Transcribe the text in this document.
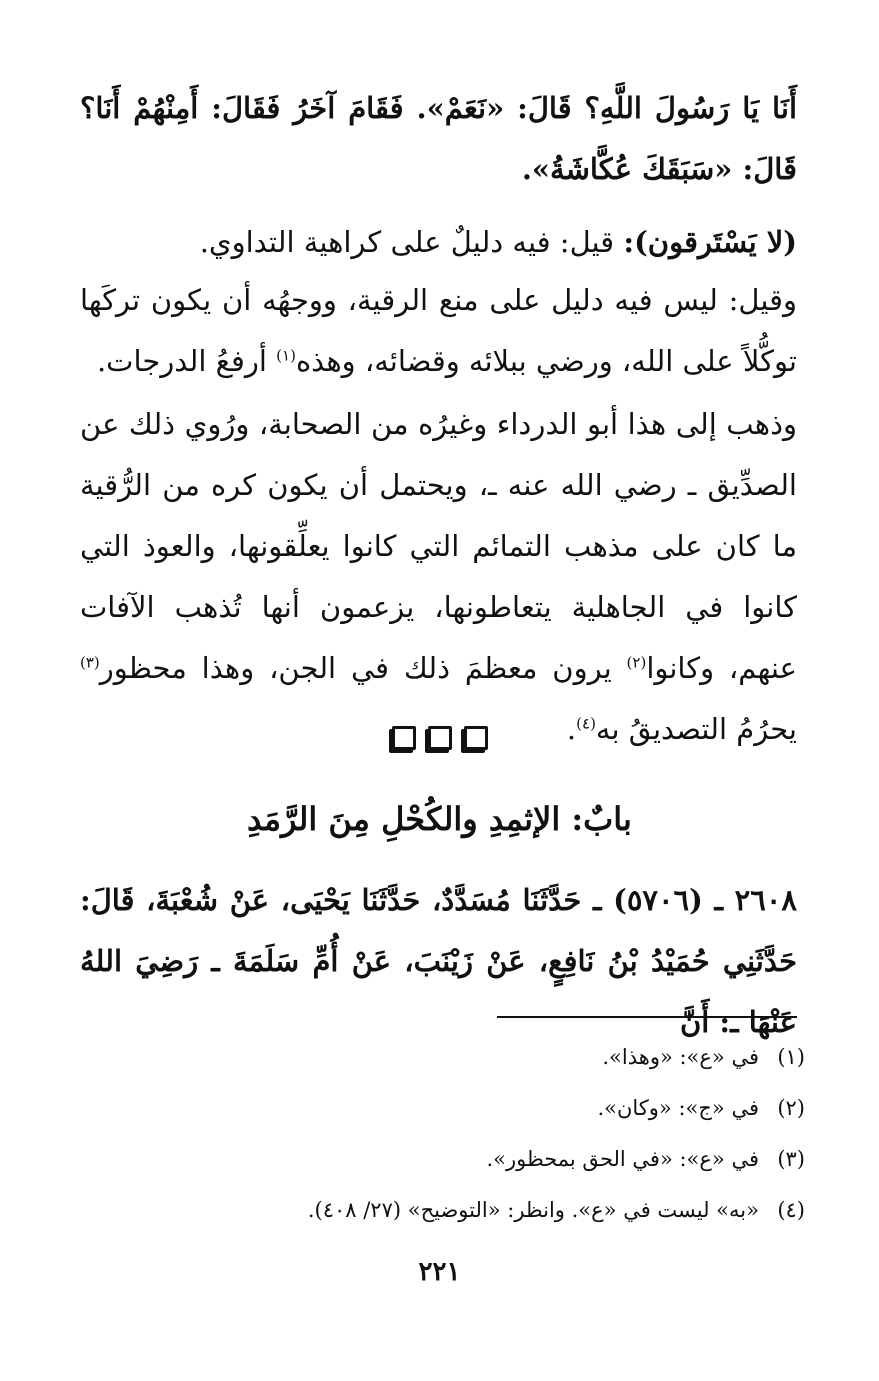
أَنَا يَا رَسُولَ اللَّهِ؟ قَالَ: «نَعَمْ». فَقَامَ آخَرُ فَقَالَ: أَمِنْهُمْ أَنَا؟ قَالَ: «سَبَقَكَ عُكَّاشَةُ».

(لا يَسْتَرقون): قيل: فيه دليلٌ على كراهية التداوي.

وقيل: ليس فيه دليل على منع الرقية، ووجهُه أن يكون تركَها توكُّلاً على الله، ورضي ببلائه وقضائه، وهذه$^{(١)}$ أرفعُ الدرجات.

وذهب إلى هذا أبو الدرداء وغيرُه من الصحابة، ورُوي ذلك عن الصدِّيق ـ رضي الله عنه ـ، ويحتمل أن يكون كره من الرُّقية ما كان على مذهب التمائم التي كانوا يعلِّقونها، والعوذ التي كانوا في الجاهلية يتعاطونها، يزعمون أنها تُذهب الآفات عنهم، وكانوا$^{(٢)}$ يرون معظمَ ذلك في الجن، وهذا محظور$^{(٣)}$ يحرُمُ التصديقُ به$^{(٤)}$.

بابٌ: الإثمِدِ والكُحْلِ مِنَ الرَّمَدِ

٢٦٠٨ ـ (٥٧٠٦) ـ حَدَّثَنَا مُسَدَّدٌ، حَدَّثَنَا يَحْيَى، عَنْ شُعْبَةَ، قَالَ: حَدَّثَنِي حُمَيْدُ بْنُ نَافِعٍ، عَنْ زَيْنَبَ، عَنْ أُمِّ سَلَمَةَ ـ رَضِيَ اللهُ عَنْهَا ـ: أَنَّ

(١)في «ع»: «وهذا».
(٢)في «ج»: «وكان».
(٣)في «ع»: «في الحق بمحظور».
(٤)«به» ليست في «ع». وانظر: «التوضيح» (٢٧/ ٤٠٨).
٢٢١
